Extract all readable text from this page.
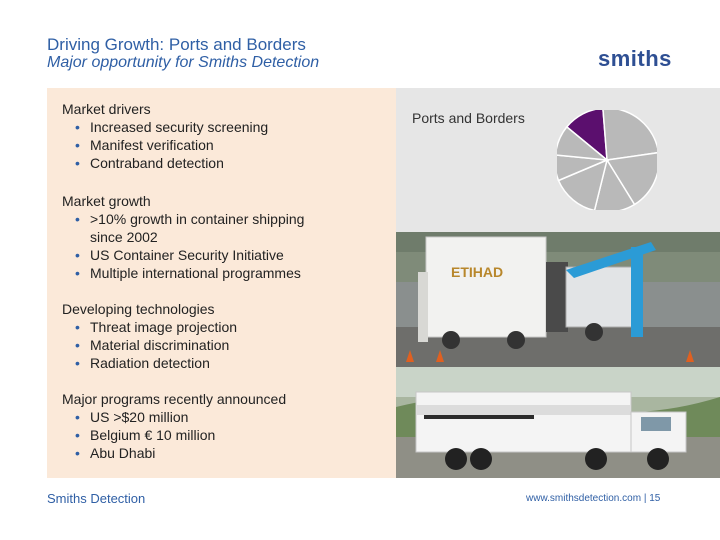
Driving Growth: Ports and Borders
Major opportunity for Smiths Detection	smiths
Market drivers
• Increased security screening
• Manifest verification
• Contraband detection
Market growth
• >10% growth in container shipping since 2002
• US Container Security Initiative
• Multiple international programmes
Developing technologies
• Threat image projection
• Material discrimination
• Radiation detection
Major programs recently announced
• US >$20 million
• Belgium € 10 million
• Abu Dhabi
Ports and Borders
ETIHAD
Smiths Detection	www.smithsdetection.com | 15
